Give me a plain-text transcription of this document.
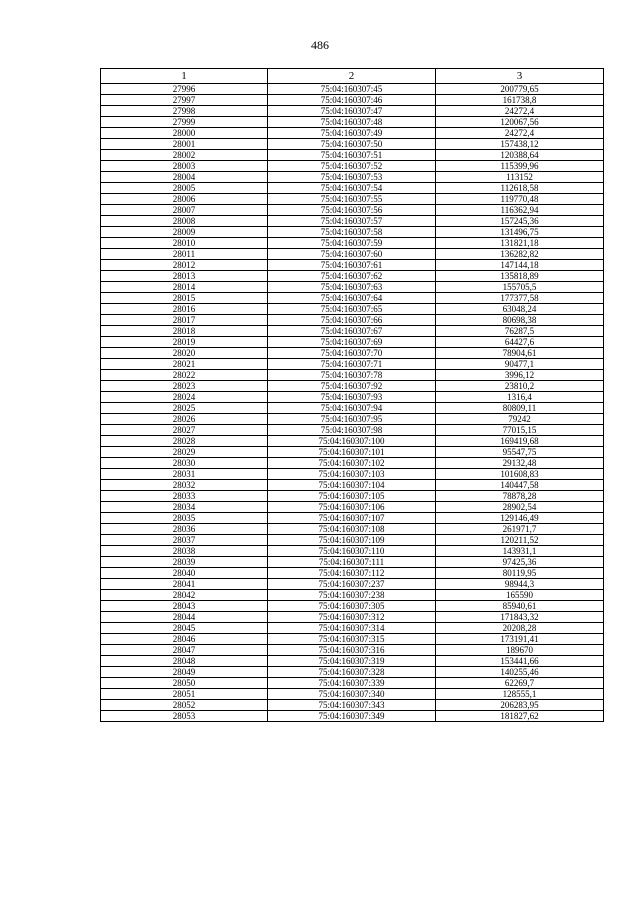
486
1	2	3
27996	75:04:160307:45	200779,65
27997	75:04:160307:46	161738,8
27998	75:04:160307:47	24272,4
27999	75:04:160307:48	120067,56
28000	75:04:160307:49	24272,4
28001	75:04:160307:50	157438,12
28002	75:04:160307:51	120388,64
28003	75:04:160307:52	115399,96
28004	75:04:160307:53	113152
28005	75:04:160307:54	112618,58
28006	75:04:160307:55	119770,48
28007	75:04:160307:56	116362,94
28008	75:04:160307:57	157245,36
28009	75:04:160307:58	131496,75
28010	75:04:160307:59	131821,18
28011	75:04:160307:60	136282,82
28012	75:04:160307:61	147144,18
28013	75:04:160307:62	135818,89
28014	75:04:160307:63	155705,5
28015	75:04:160307:64	177377,58
28016	75:04:160307:65	63048,24
28017	75:04:160307:66	80698,38
28018	75:04:160307:67	76287,5
28019	75:04:160307:69	64427,6
28020	75:04:160307:70	78904,61
28021	75:04:160307:71	90477,1
28022	75:04:160307:78	3996,12
28023	75:04:160307:92	23810,2
28024	75:04:160307:93	1316,4
28025	75:04:160307:94	80809,11
28026	75:04:160307:95	79242
28027	75:04:160307:98	77015,15
28028	75:04:160307:100	169419,68
28029	75:04:160307:101	95547,75
28030	75:04:160307:102	29132,48
28031	75:04:160307:103	101608,83
28032	75:04:160307:104	140447,58
28033	75:04:160307:105	78878,28
28034	75:04:160307:106	28902,54
28035	75:04:160307:107	129146,49
28036	75:04:160307:108	261971,7
28037	75:04:160307:109	120211,52
28038	75:04:160307:110	143931,1
28039	75:04:160307:111	97425,36
28040	75:04:160307:112	80119,95
28041	75:04:160307:237	98944,3
28042	75:04:160307:238	165590
28043	75:04:160307:305	85940,61
28044	75:04:160307:312	171843,32
28045	75:04:160307:314	20208,28
28046	75:04:160307:315	173191,41
28047	75:04:160307:316	189670
28048	75:04:160307:319	153441,66
28049	75:04:160307:328	140255,46
28050	75:04:160307:339	62269,7
28051	75:04:160307:340	128555,1
28052	75:04:160307:343	206283,95
28053	75:04:160307:349	181827,62
